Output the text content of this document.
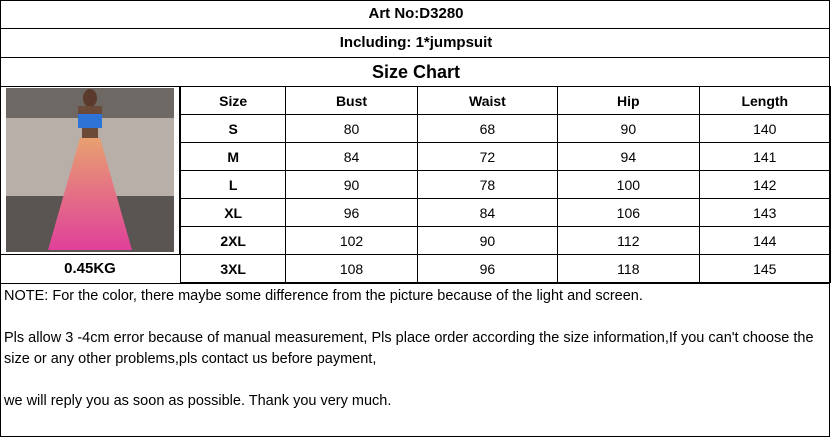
Art No:D3280
Including: 1*jumpsuit
Size Chart
0.45KG
Size	Bust	Waist	Hip	Length
S	80	68	90	140
M	84	72	94	141
L	90	78	100	142
XL	96	84	106	143
2XL	102	90	112	144
3XL	108	96	118	145

NOTE: For the color, there maybe some difference from the picture because of the light and screen.

Pls allow 3 -4cm error because of manual measurement, Pls place order according the size information,If you can't choose the size or any other problems,pls contact us before payment,

we will reply you as soon as possible. Thank you very much.
